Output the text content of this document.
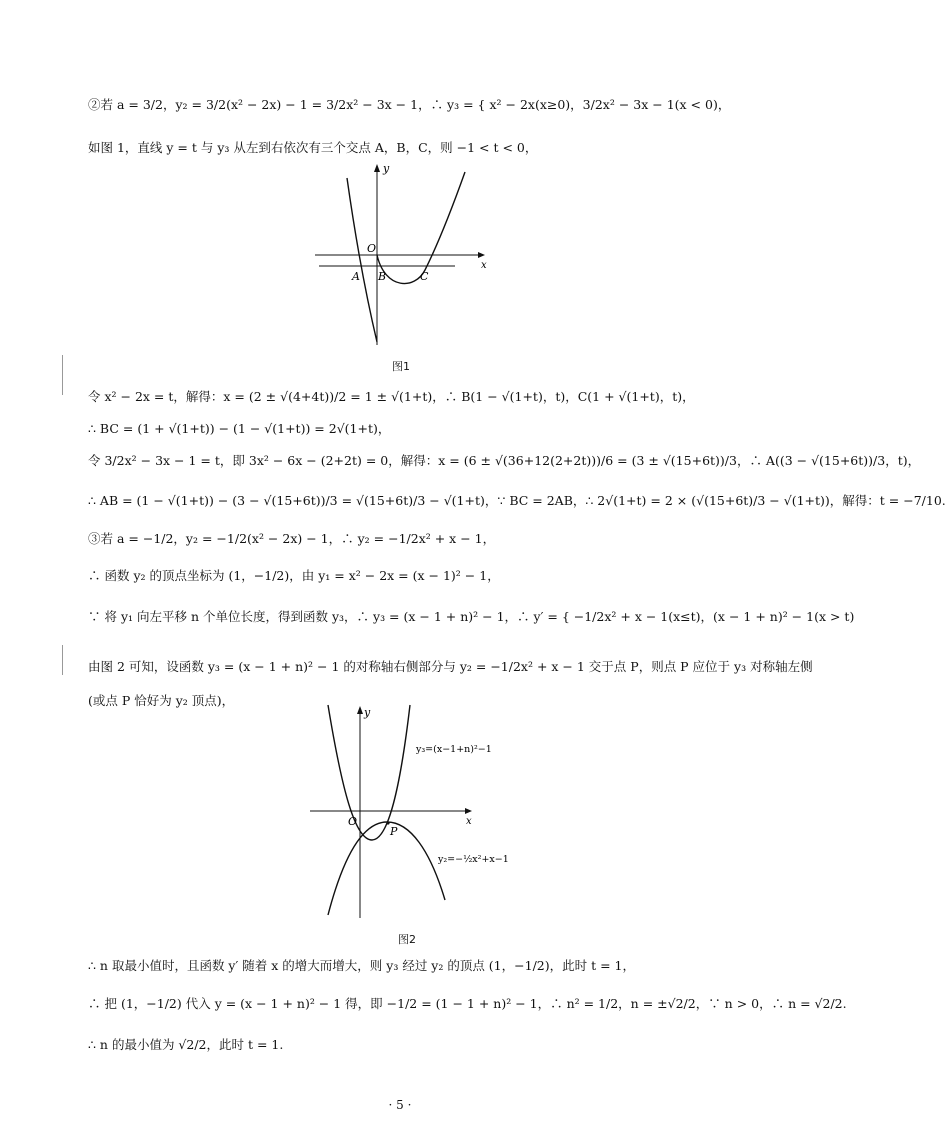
②若 a = 3/2，y₂ = 3/2(x² − 2x) − 1 = 3/2x² − 3x − 1，∴ y₃ = { x² − 2x(x≥0)，3/2x² − 3x − 1(x < 0)，
如图 1，直线 y = t 与 y₃ 从左到右依次有三个交点 A，B，C，则 −1 < t < 0，
y
x
O
A B	C
图1
令 x² − 2x = t，解得：x = (2 ± √(4+4t))/2 = 1 ± √(1+t)，∴ B(1 − √(1+t)，t)，C(1 + √(1+t)，t)，
∴ BC = (1 + √(1+t)) − (1 − √(1+t)) = 2√(1+t)，
令 3/2x² − 3x − 1 = t，即 3x² − 6x − (2+2t) = 0，解得：x = (6 ± √(36+12(2+2t)))/6 = (3 ± √(15+6t))/3，∴ A((3 − √(15+6t))/3，t)，
∴ AB = (1 − √(1+t)) − (3 − √(15+6t))/3 = √(15+6t)/3 − √(1+t)，∵ BC = 2AB，∴ 2√(1+t) = 2 × (√(15+6t)/3 − √(1+t))，解得：t = −7/10.
③若 a = −1/2，y₂ = −1/2(x² − 2x) − 1，∴ y₂ = −1/2x² + x − 1，
∴ 函数 y₂ 的顶点坐标为 (1，−1/2)，由 y₁ = x² − 2x = (x − 1)² − 1，
∵ 将 y₁ 向左平移 n 个单位长度，得到函数 y₃，∴ y₃ = (x − 1 + n)² − 1，∴ y′ = { −1/2x² + x − 1(x≤t)，(x − 1 + n)² − 1(x > t)
由图 2 可知，设函数 y₃ = (x − 1 + n)² − 1 的对称轴右侧部分与 y₂ = −1/2x² + x − 1 交于点 P，则点 P 应位于 y₃ 对称轴左侧
(或点 P 恰好为 y₂ 顶点)，
y
x
O
P
y₃=(x−1+n)²−1
y₂=−½x²+x−1
图2
∴ n 取最小值时，且函数 y′ 随着 x 的增大而增大，则 y₃ 经过 y₂ 的顶点 (1，−1/2)，此时 t = 1，
∴ 把 (1，−1/2) 代入 y = (x − 1 + n)² − 1 得，即 −1/2 = (1 − 1 + n)² − 1，∴ n² = 1/2，n = ±√2/2，∵ n > 0，∴ n = √2/2.
∴ n 的最小值为 √2/2，此时 t = 1.
· 5 ·
